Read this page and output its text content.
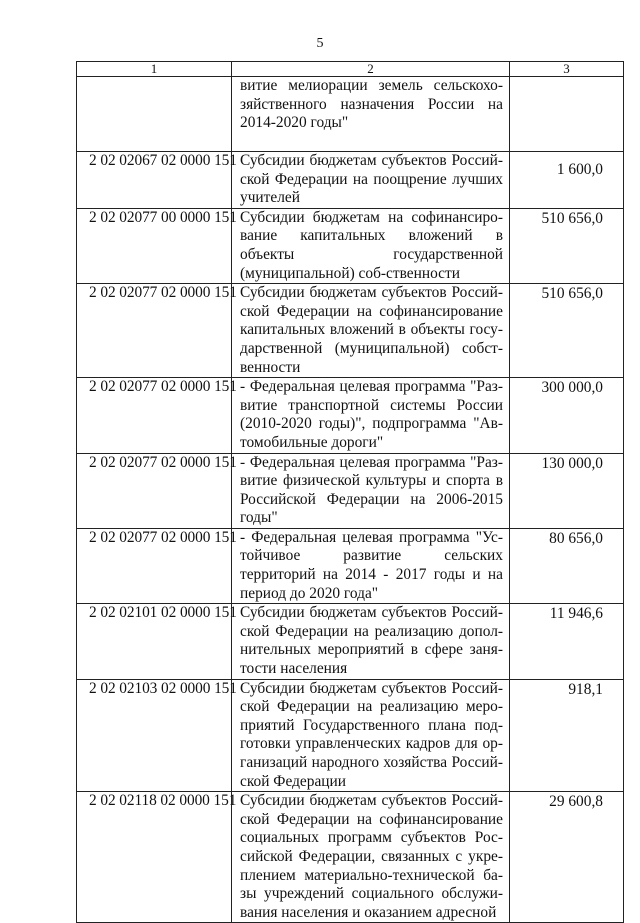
5
1	2	3
	витие мелиорации земель сельскохо-зяйственного назначения России на 2014-2020 годы"	
2 02 02067 02 0000 151	Субсидии бюджетам субъектов Россий-ской Федерации на поощрение лучших учителей	1 600,0

2 02 02077 00 0000 151	Субсидии бюджетам на софинансиро-вание капитальных вложений в объекты государственной (муниципальной) соб-ственности	510 656,0
2 02 02077 02 0000 151	Субсидии бюджетам субъектов Россий-ской Федерации на софинансирование капитальных вложений в объекты госу-дарственной (муниципальной) собст-венности	510 656,0
2 02 02077 02 0000 151	- Федеральная целевая программа "Раз-витие транспортной системы России (2010-2020 годы)", подпрограмма "Ав-томобильные дороги"	300 000,0
2 02 02077 02 0000 151	- Федеральная целевая программа "Раз-витие физической культуры и спорта в Российской Федерации на 2006-2015 годы"	130 000,0
2 02 02077 02 0000 151	- Федеральная целевая программа "Ус-тойчивое развитие сельских территорий на 2014 - 2017 годы и на период до 2020 года"	80 656,0
2 02 02101 02 0000 151	Субсидии бюджетам субъектов Россий-ской Федерации на реализацию допол-нительных мероприятий в сфере заня-тости населения	11 946,6
2 02 02103 02 0000 151	Субсидии бюджетам субъектов Россий-ской Федерации на реализацию меро-приятий Государственного плана под-готовки управленческих кадров для ор-ганизаций народного хозяйства Россий-ской Федерации	918,1
2 02 02118 02 0000 151	Субсидии бюджетам субъектов Россий-ской Федерации на софинансирование социальных программ субъектов Рос-сийской Федерации, связанных с укре-плением материально-технической ба-зы учреждений социального обслужи-вания населения и оказанием адресной	29 600,8
